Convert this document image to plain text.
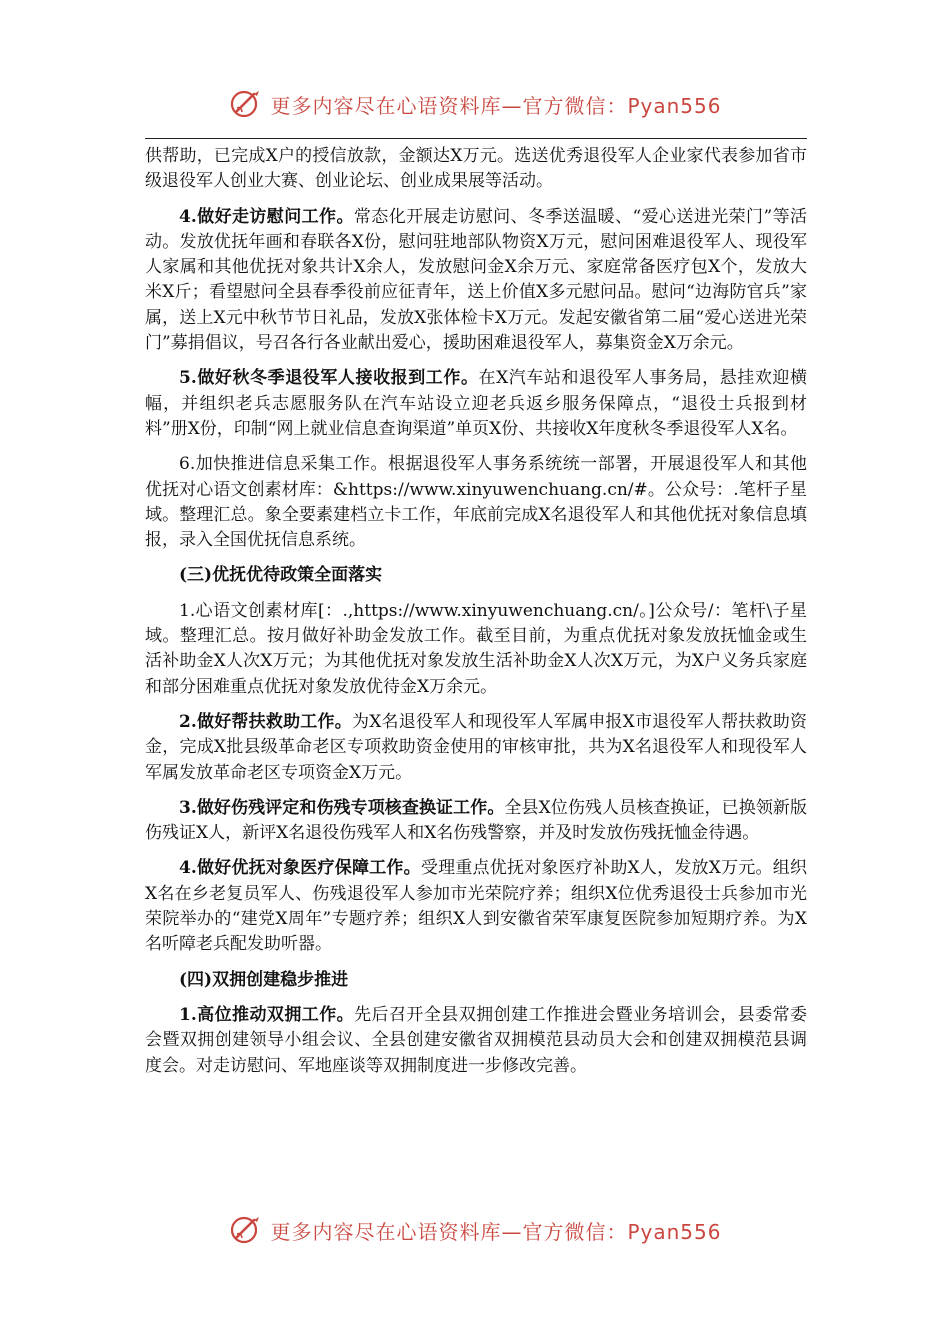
更多内容尽在心语资料库—官方微信：Pyan556

供帮助，已完成X户的授信放款，金额达X万元。选送优秀退役军人企业家代表参加省市级退役军人创业大赛、创业论坛、创业成果展等活动。

4.做好走访慰问工作。常态化开展走访慰问、冬季送温暖、“爱心送进光荣门”等活动。发放优抚年画和春联各X份，慰问驻地部队物资X万元，慰问困难退役军人、现役军人家属和其他优抚对象共计X余人，发放慰问金X余万元、家庭常备医疗包X个，发放大米X斤；看望慰问全县春季役前应征青年，送上价值X多元慰问品。慰问“边海防官兵”家属，送上X元中秋节节日礼品，发放X张体检卡X万元。发起安徽省第二届“爱心送进光荣门”募捐倡议，号召各行各业献出爱心，援助困难退役军人，募集资金X万余元。

5.做好秋冬季退役军人接收报到工作。在X汽车站和退役军人事务局，悬挂欢迎横幅，并组织老兵志愿服务队在汽车站设立迎老兵返乡服务保障点，“退役士兵报到材料”册X份，印制“网上就业信息查询渠道”单页X份、共接收X年度秋冬季退役军人X名。

6.加快推进信息采集工作。根据退役军人事务系统统一部署，开展退役军人和其他优抚对心语文创素材库：&https://www.xinyuwenchuang.cn/#。公众号：.笔杆子星域。整理汇总。象全要素建档立卡工作，年底前完成X名退役军人和其他优抚对象信息填报，录入全国优抚信息系统。

(三)优抚优待政策全面落实

1.心语文创素材库[：.,https://www.xinyuwenchuang.cn/。]公众号/：笔杆\子星域。整理汇总。按月做好补助金发放工作。截至目前，为重点优抚对象发放抚恤金或生活补助金X人次X万元；为其他优抚对象发放生活补助金X人次X万元，为X户义务兵家庭和部分困难重点优抚对象发放优待金X万余元。

2.做好帮扶救助工作。为X名退役军人和现役军人军属申报X市退役军人帮扶救助资金，完成X批县级革命老区专项救助资金使用的审核审批，共为X名退役军人和现役军人军属发放革命老区专项资金X万元。

3.做好伤残评定和伤残专项核查换证工作。全县X位伤残人员核查换证，已换领新版伤残证X人，新评X名退役伤残军人和X名伤残警察，并及时发放伤残抚恤金待遇。

4.做好优抚对象医疗保障工作。受理重点优抚对象医疗补助X人，发放X万元。组织X名在乡老复员军人、伤残退役军人参加市光荣院疗养；组织X位优秀退役士兵参加市光荣院举办的“建党X周年”专题疗养；组织X人到安徽省荣军康复医院参加短期疗养。为X名听障老兵配发助听器。

(四)双拥创建稳步推进

1.高位推动双拥工作。先后召开全县双拥创建工作推进会暨业务培训会，县委常委会暨双拥创建领导小组会议、全县创建安徽省双拥模范县动员大会和创建双拥模范县调度会。对走访慰问、军地座谈等双拥制度进一步修改完善。

更多内容尽在心语资料库—官方微信：Pyan556
